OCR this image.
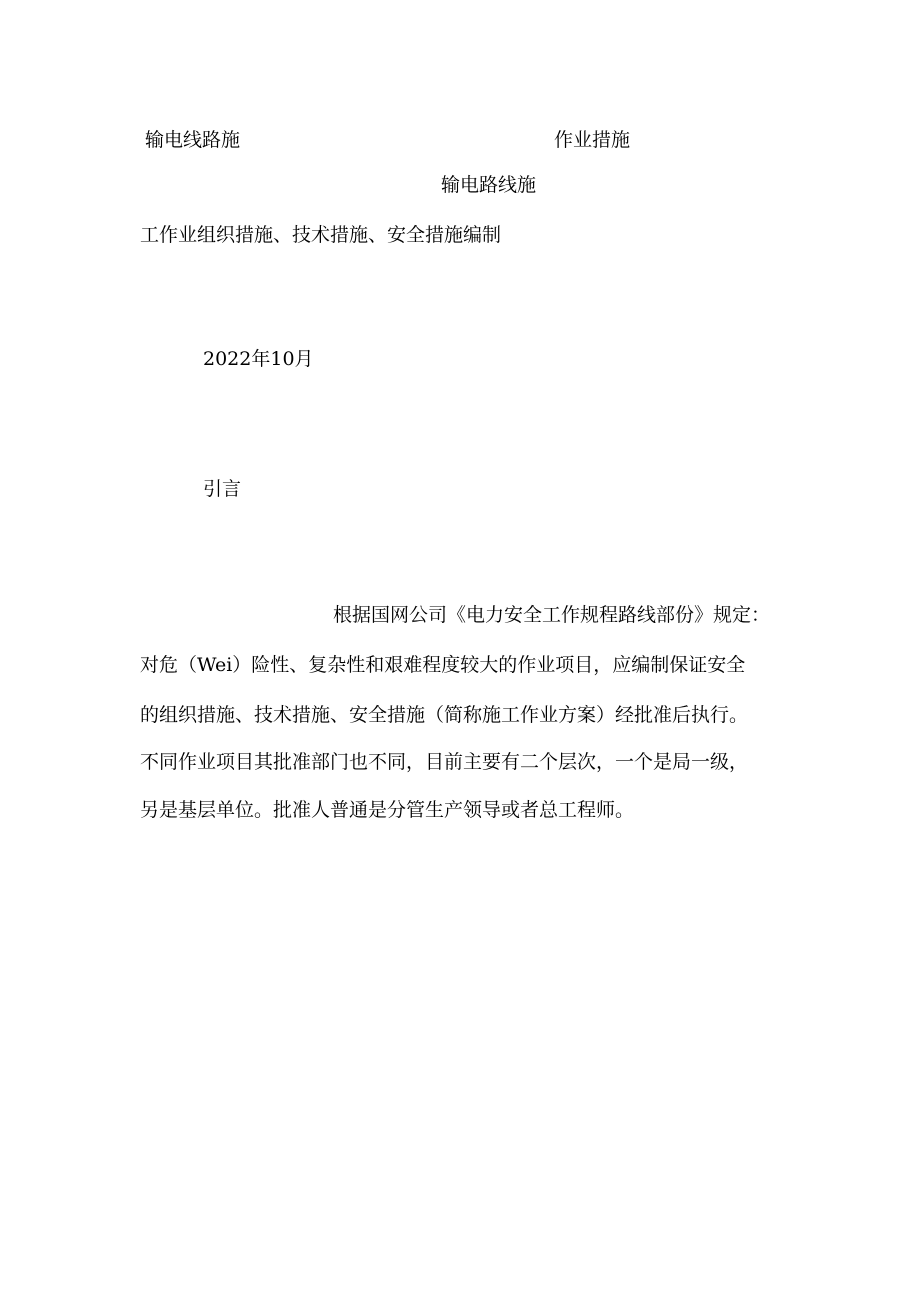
输电线路施	作业措施
输电路线施
工作业组织措施、技术措施、安全措施编制
2022年10月
引言
根据国网公司《电力安全工作规程路线部份》规定：
对危（Wei）险性、复杂性和艰难程度较大的作业项目，应编制保证安全
的组织措施、技术措施、安全措施（简称施工作业方案）经批准后执行。
不同作业项目其批准部门也不同，目前主要有二个层次，一个是局一级，
另是基层单位。批准人普通是分管生产领导或者总工程师。
